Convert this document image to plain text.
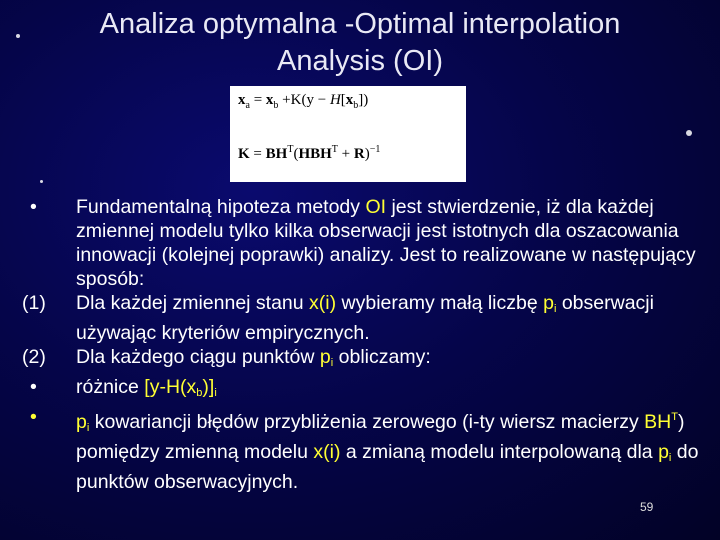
Analiza optymalna -Optimal interpolation
Analysis (OI)
$x_a = x_b +K(y - H[x_b])$
$K = BH^T(HBH^T + R)^{-1}$
•	Fundamentalną hipoteza metody OI jest stwierdzenie, iż dla każdej zmiennej modelu tylko kilka obserwacji jest istotnych dla oszacowania innowacji (kolejnej poprawki) analizy. Jest to realizowane w następujący sposób:
(1)	Dla każdej zmiennej stanu x(i) wybieramy małą liczbę pi obserwacji używając kryteriów empirycznych.
(2)	Dla każdego ciągu punktów pi obliczamy:
•	różnice [y-H(xb)]i
•	pi kowariancji błędów przybliżenia zerowego (i-ty wiersz macierzy $BH^T$) pomiędzy zmienną modelu x(i) a zmianą modelu interpolowaną dla pi do punktów obserwacyjnych.
59
